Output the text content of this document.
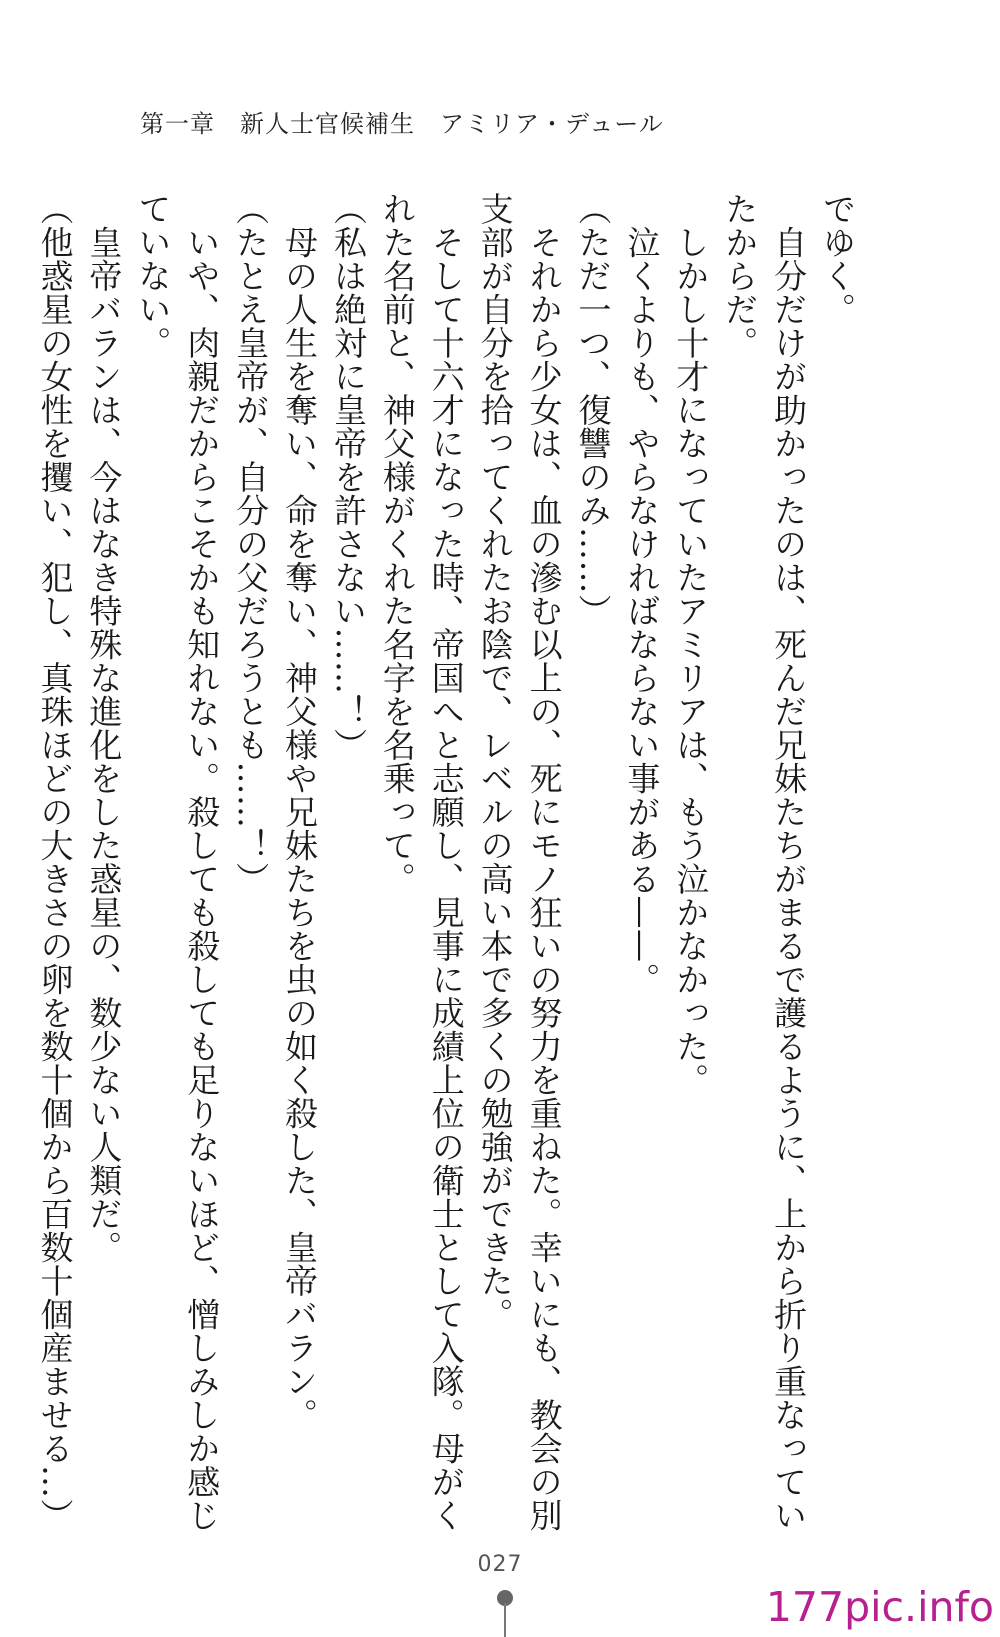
第一章　新人士官候補生　アミリア・デュール
でゆく。
　自分だけが助かったのは、死んだ兄妹たちがまるで護るように、上から折り重なってい
たからだ。
　しかし十才になっていたアミリアは、もう泣かなかった。
　泣くよりも、やらなければならない事がある——。
（ただ一つ、復讐のみ……）
　それから少女は、血の滲む以上の、死にモノ狂いの努力を重ねた。幸いにも、教会の別
支部が自分を拾ってくれたお陰で、レベルの高い本で多くの勉強ができた。
　そして十六才になった時、帝国へと志願し、見事に成績上位の衛士として入隊。母がく
れた名前と、神父様がくれた名字を名乗って。
（私は絶対に皇帝を許さない……！）
　母の人生を奪い、命を奪い、神父様や兄妹たちを虫の如く殺した、皇帝バラン。
（たとえ皇帝が、自分の父だろうとも……！）
　いや、肉親だからこそかも知れない。殺しても殺しても足りないほど、憎しみしか感じ
ていない。
　皇帝バランは、今はなき特殊な進化をした惑星の、数少ない人類だ。
（他惑星の女性を攫い、犯し、真珠ほどの大きさの卵を数十個から百数十個産ませる…）
027
177pic.info
